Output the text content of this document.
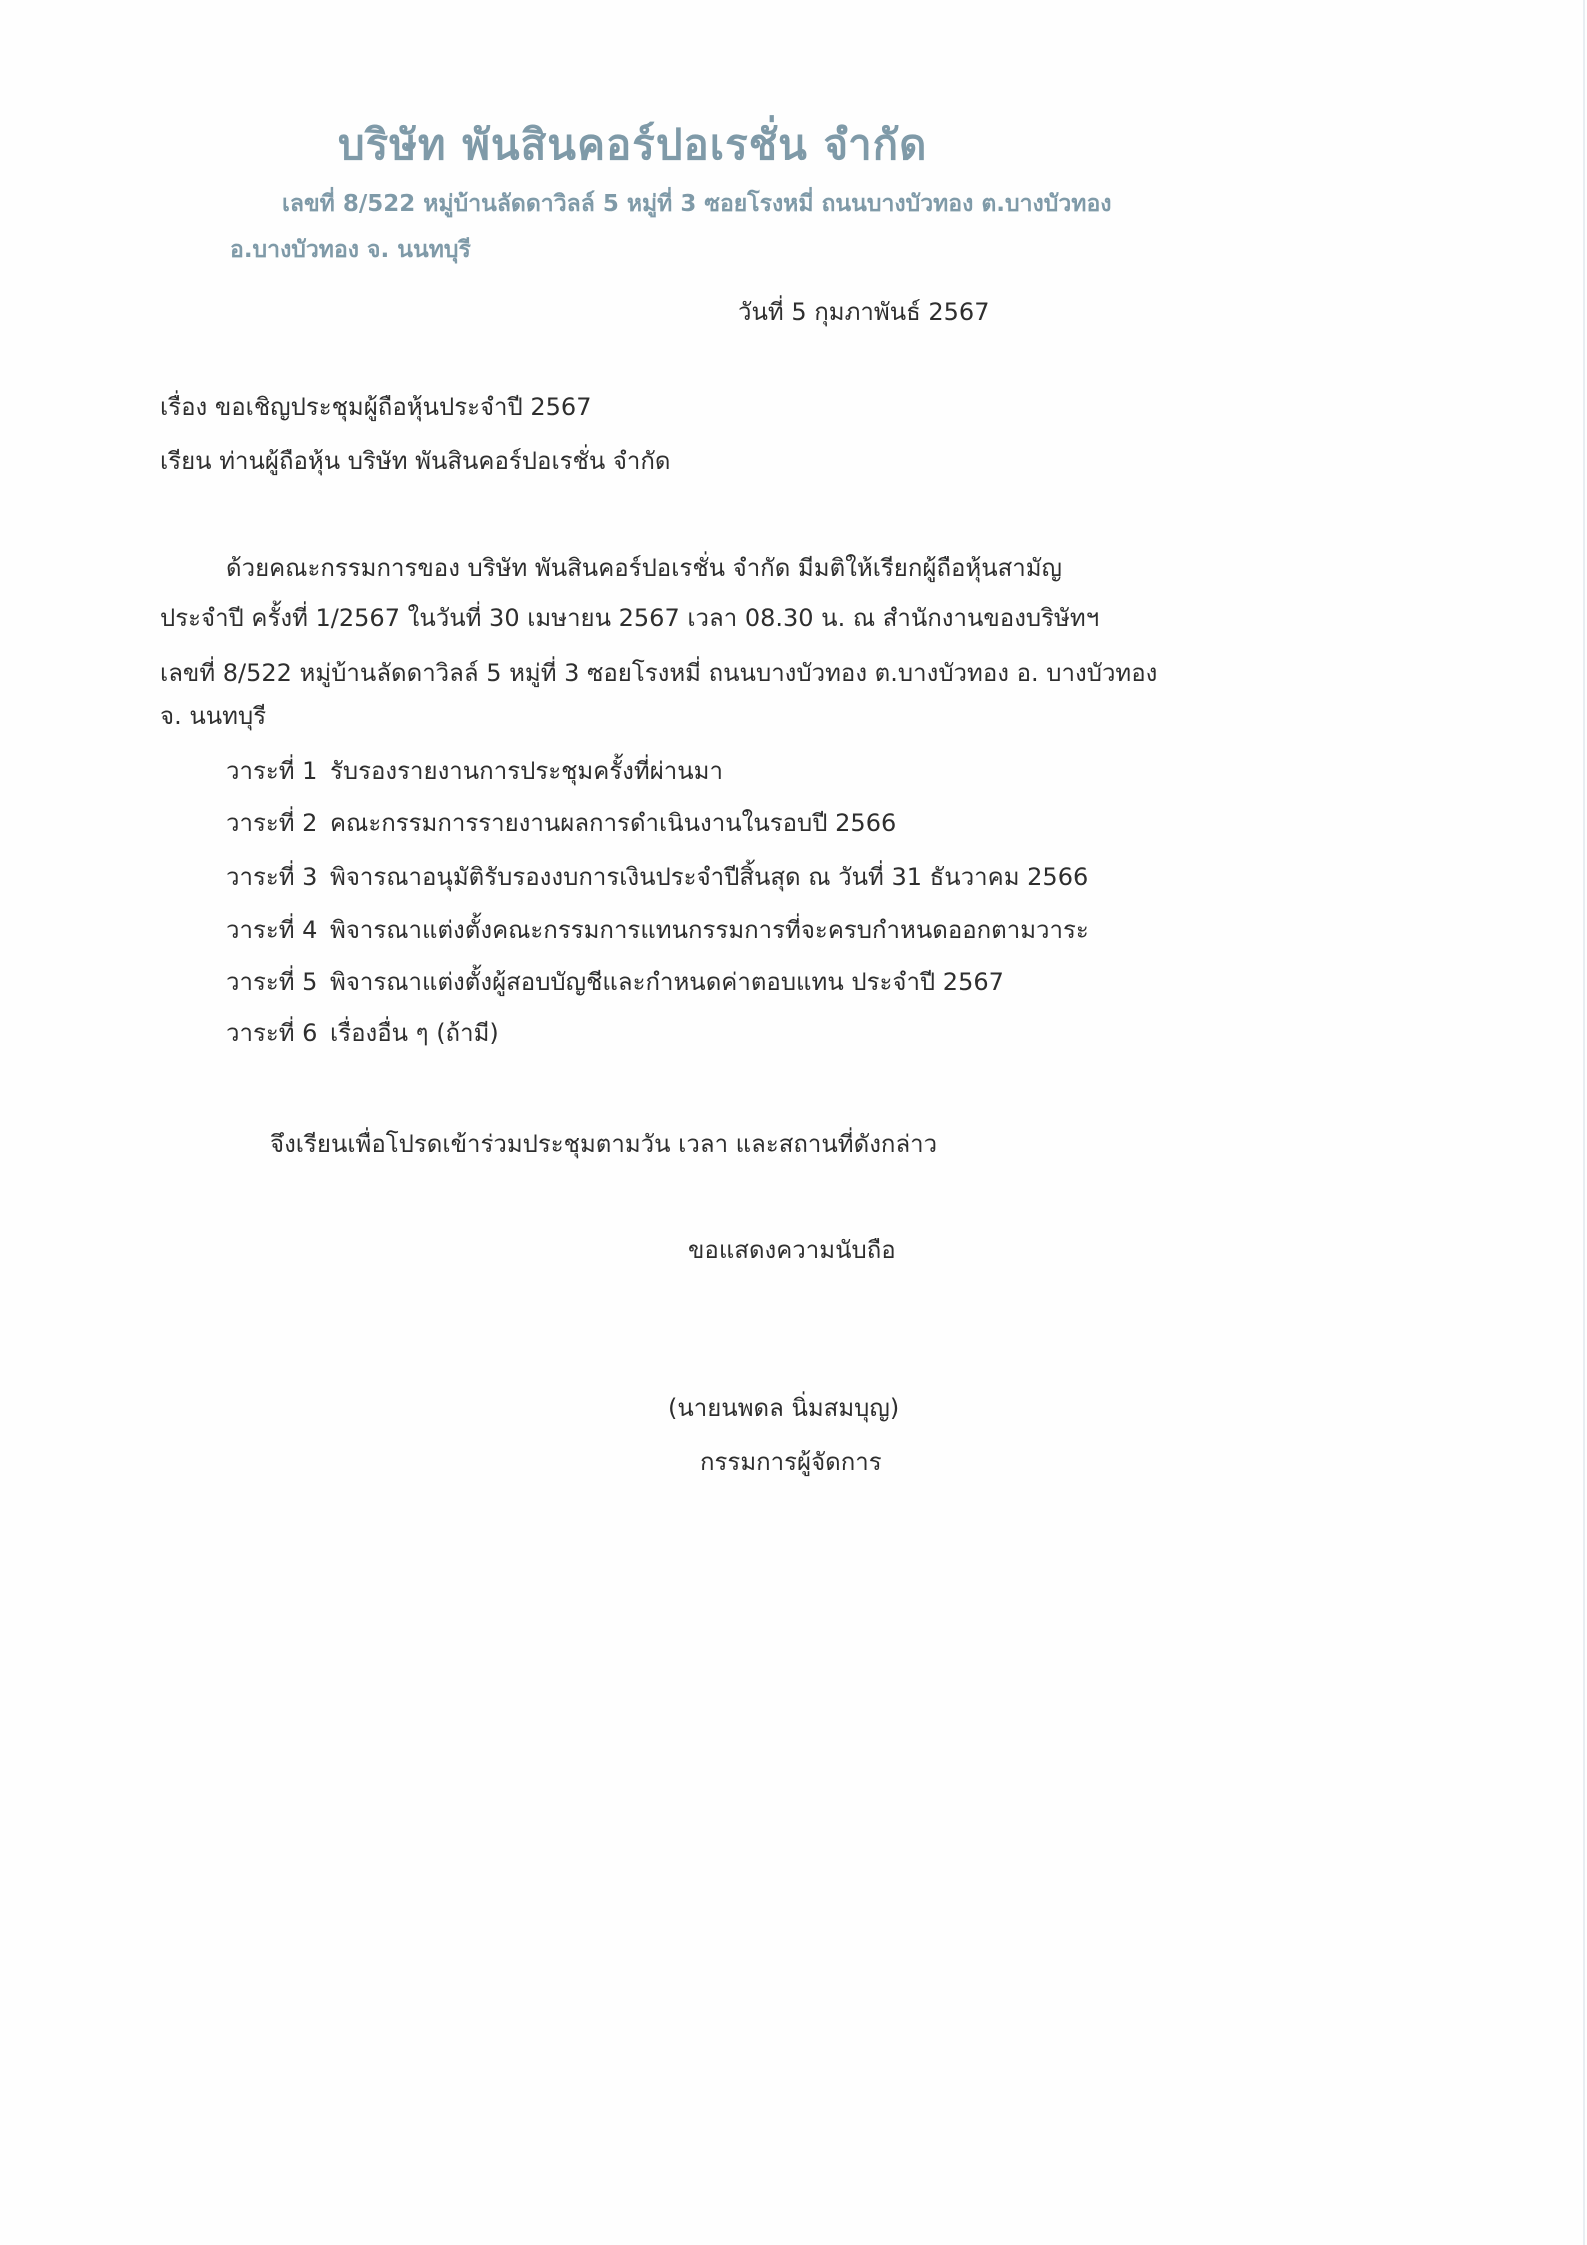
บริษัท พันสินคอร์ปอเรชั่น จำกัด
เลขที่ 8/522 หมู่บ้านลัดดาวิลล์ 5 หมู่ที่ 3 ซอยโรงหมี่ ถนนบางบัวทอง ต.บางบัวทอง
อ.บางบัวทอง จ. นนทบุรี
วันที่ 5 กุมภาพันธ์ 2567
เรื่อง ขอเชิญประชุมผู้ถือหุ้นประจำปี 2567
เรียน ท่านผู้ถือหุ้น บริษัท พันสินคอร์ปอเรชั่น จำกัด
ด้วยคณะกรรมการของ บริษัท พันสินคอร์ปอเรชั่น จำกัด มีมติให้เรียกผู้ถือหุ้นสามัญ
ประจำปี ครั้งที่ 1/2567 ในวันที่ 30 เมษายน 2567 เวลา 08.30 น. ณ สำนักงานของบริษัทฯ
เลขที่ 8/522 หมู่บ้านลัดดาวิลล์ 5 หมู่ที่ 3 ซอยโรงหมี่ ถนนบางบัวทอง ต.บางบัวทอง อ. บางบัวทอง
จ. นนทบุรี
วาระที่ 1 รับรองรายงานการประชุมครั้งที่ผ่านมา
วาระที่ 2 คณะกรรมการรายงานผลการดำเนินงานในรอบปี 2566
วาระที่ 3 พิจารณาอนุมัติรับรองงบการเงินประจำปีสิ้นสุด ณ วันที่ 31 ธันวาคม 2566
วาระที่ 4 พิจารณาแต่งตั้งคณะกรรมการแทนกรรมการที่จะครบกำหนดออกตามวาระ
วาระที่ 5 พิจารณาแต่งตั้งผู้สอบบัญชีและกำหนดค่าตอบแทน ประจำปี 2567
วาระที่ 6 เรื่องอื่น ๆ (ถ้ามี)
จึงเรียนเพื่อโปรดเข้าร่วมประชุมตามวัน เวลา และสถานที่ดังกล่าว
ขอแสดงความนับถือ
(นายนพดล นิ่มสมบุญ)
กรรมการผู้จัดการ
